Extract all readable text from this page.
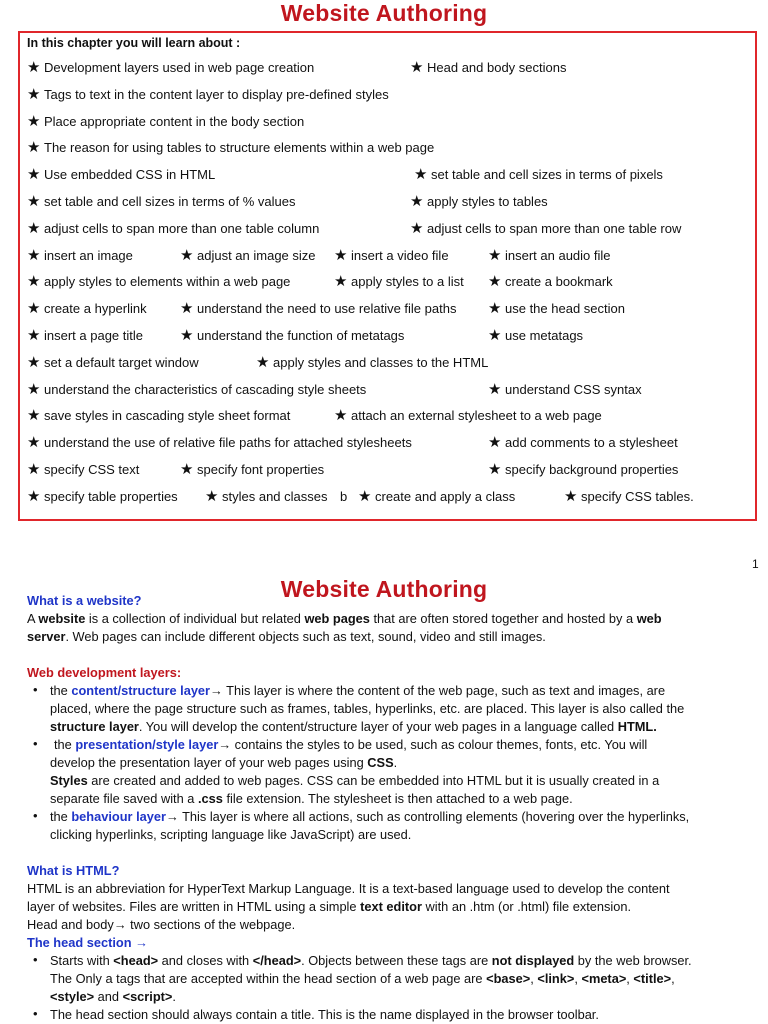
Website Authoring
In this chapter you will learn about :
★ Development layers used in web page creation	★ Head and body sections
★ Tags to text in the content layer to display pre-defined styles
★ Place appropriate content in the body section
★ The reason for using tables to structure elements within a web page
★ Use embedded CSS in HTML	★ set table and cell sizes in terms of pixels
★ set table and cell sizes in terms of % values	★ apply styles to tables
★ adjust cells to span more than one table column	★ adjust cells to span more than one table row
★ insert an image	★ adjust an image size ★ insert a video file	★ insert an audio file
★ apply styles to elements within a web page	★ apply styles to a list ★ create a bookmark
★ create a hyperlink ★ understand the need to use relative file paths ★ use the head section
★ insert a page title ★ understand the function of metatags	★ use metatags
★ set a default target window	★ apply styles and classes to the HTML
★ understand the characteristics of cascading style sheets	★ understand CSS syntax
★ save styles in cascading style sheet format	★ attach an external stylesheet to a web page
★ understand the use of relative file paths for attached stylesheets	★ add comments to a stylesheet
★ specify CSS text	★ specify font properties	★ specify background properties
★ specify table properties ★ styles and classes ★ create and apply a class	★ specify CSS tables.
b
1
Website Authoring
What is a website?
A website is a collection of individual but related web pages that are often stored together and hosted by a web
server. Web pages can include different objects such as text, sound, video and still images.
Web development layers:
• the content/structure layer→ This layer is where the content of the web page, such as text and images, are
placed, where the page structure such as frames, tables, hyperlinks, etc. are placed. This layer is also called the
structure layer. You will develop the content/structure layer of your web pages in a language called HTML.
• the presentation/style layer→ contains the styles to be used, such as colour themes, fonts, etc. You will
develop the presentation layer of your web pages using CSS.
Styles are created and added to web pages. CSS can be embedded into HTML but it is usually created in a
separate file saved with a .css file extension. The stylesheet is then attached to a web page.
• the behaviour layer→ This layer is where all actions, such as controlling elements (hovering over the hyperlinks,
clicking hyperlinks, scripting language like JavaScript) are used.
What is HTML?
HTML is an abbreviation for HyperText Markup Language. It is a text-based language used to develop the content
layer of websites. Files are written in HTML using a simple text editor with an .htm (or .html) file extension.
Head and body→ two sections of the webpage.
The head section →
• Starts with <head> and closes with </head>. Objects between these tags are not displayed by the web browser.
The Only a tags that are accepted within the head section of a web page are <base>, <link>, <meta>, <title>,
<style> and <script>.
• The head section should always contain a title. This is the name displayed in the browser toolbar.
